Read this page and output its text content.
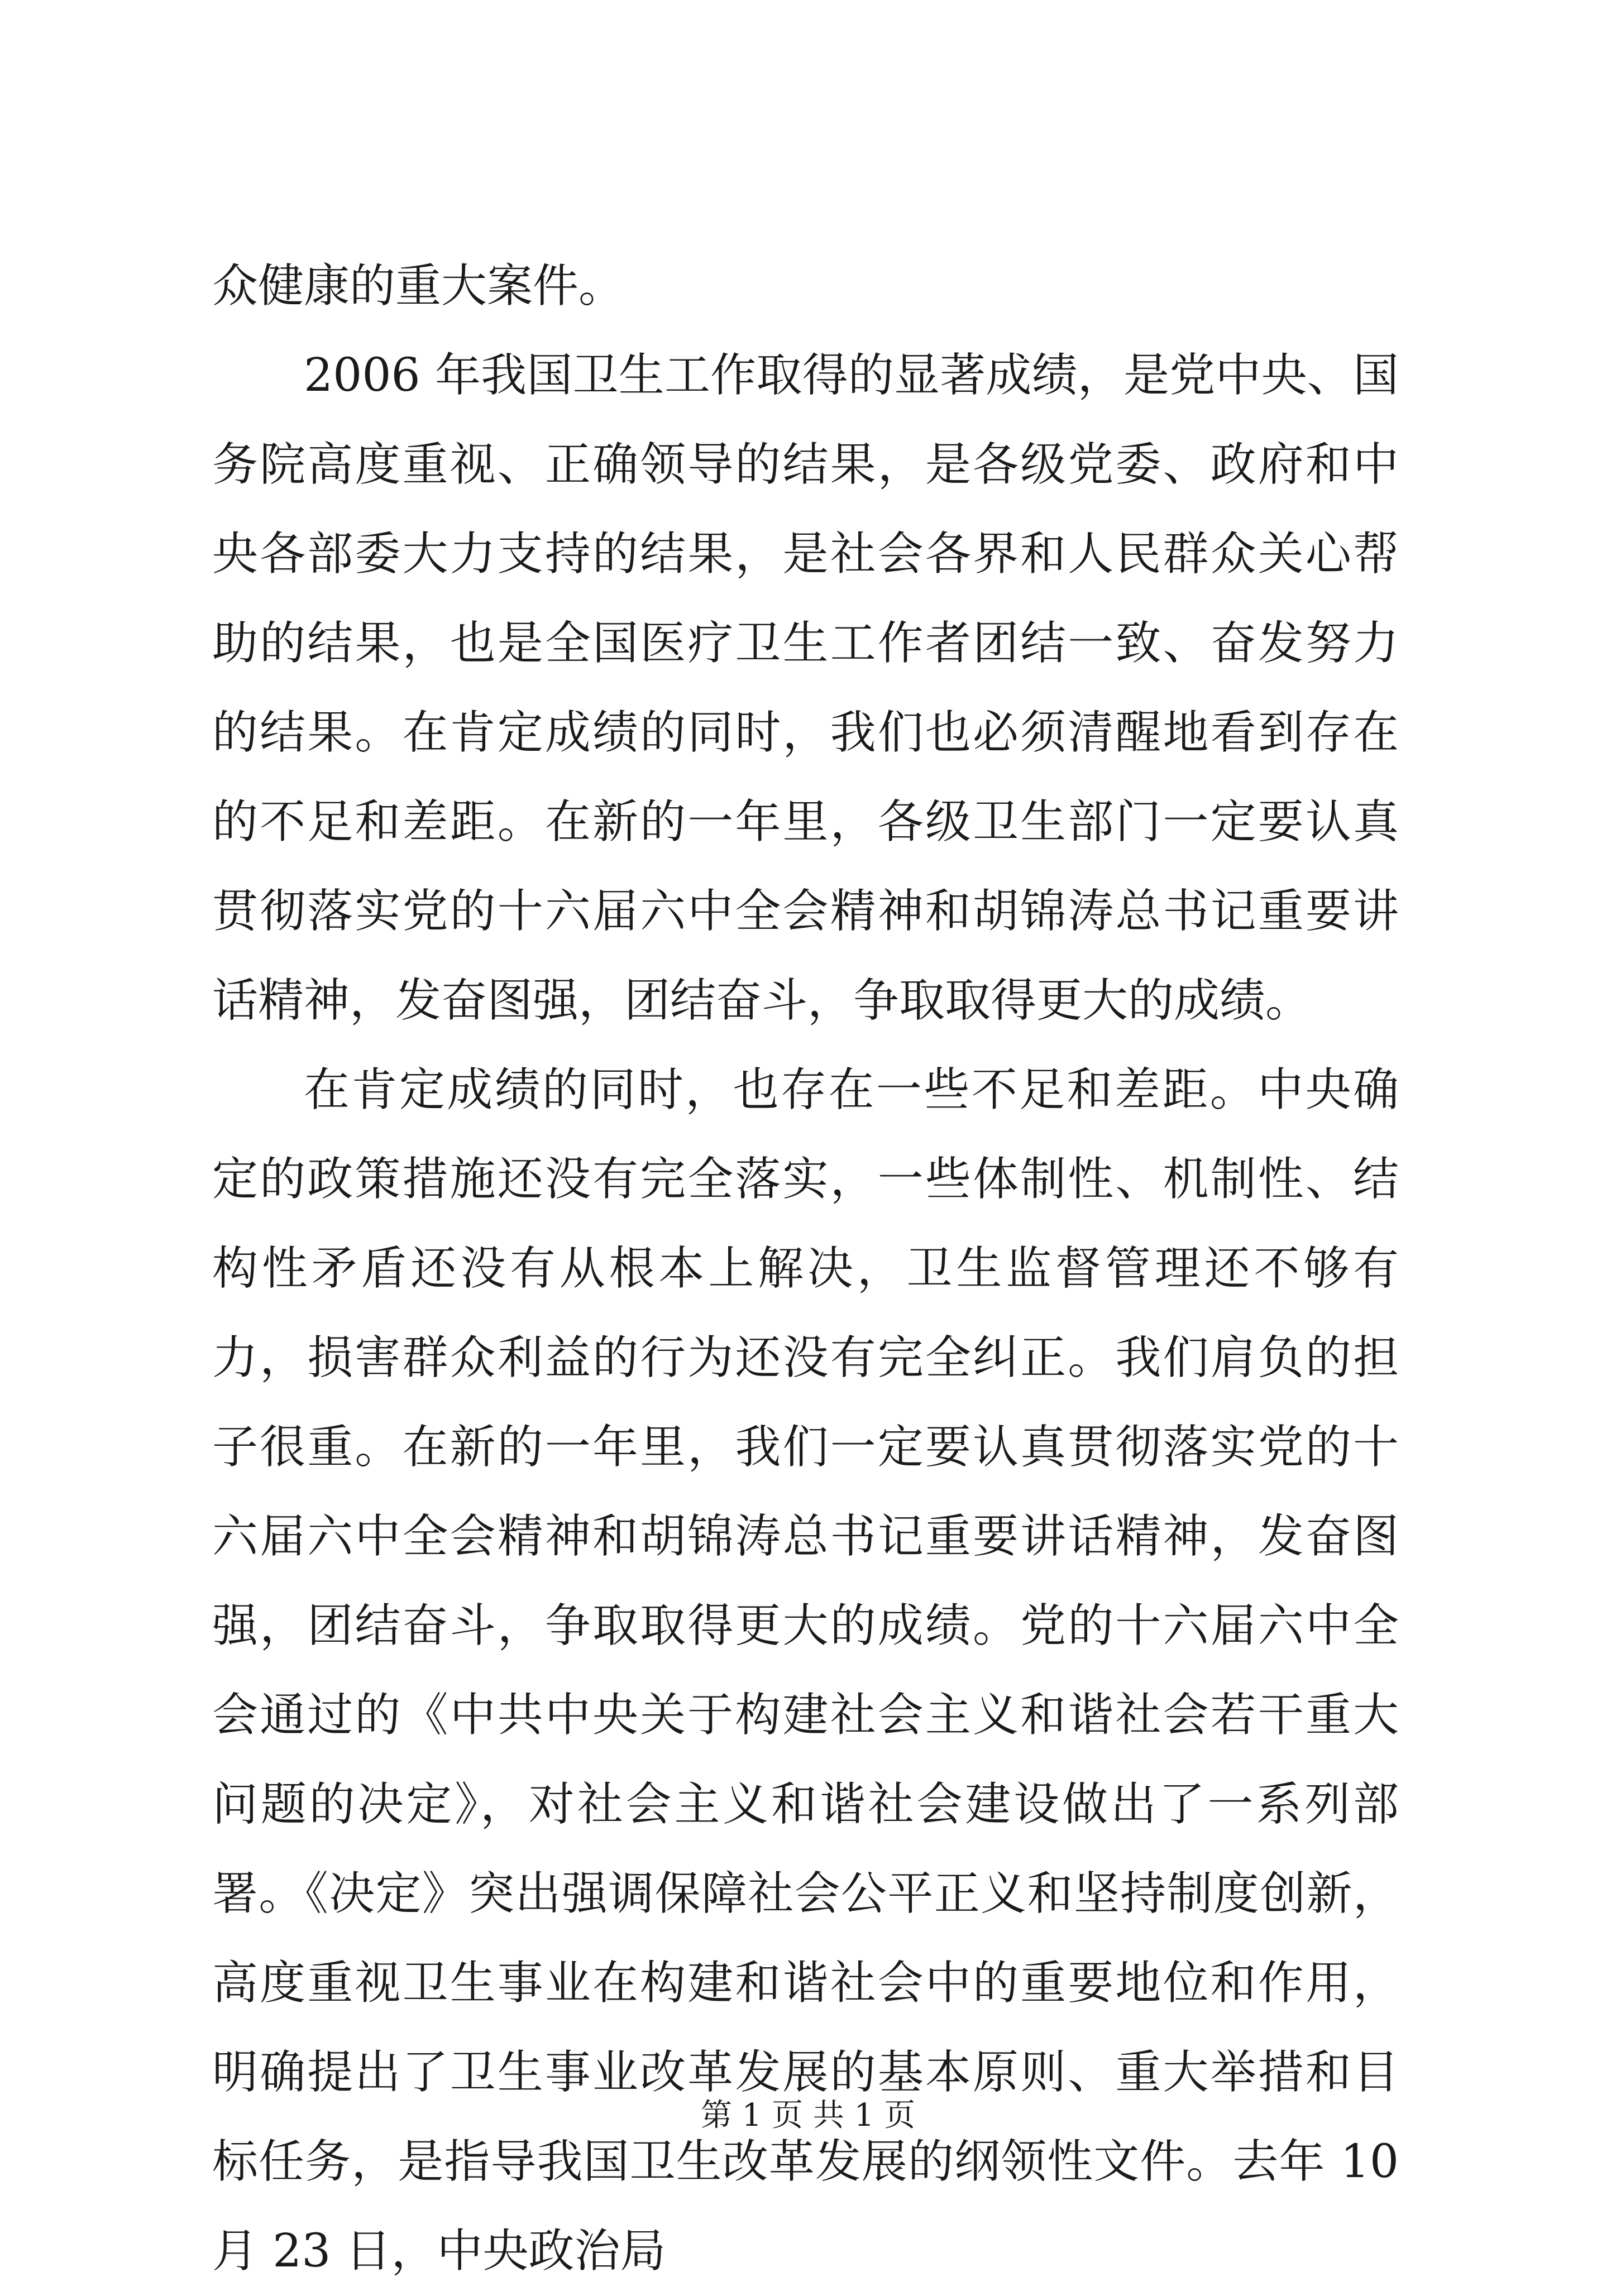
众健康的重大案件。

2006 年我国卫生工作取得的显著成绩，是党中央、国务院高度重视、正确领导的结果，是各级党委、政府和中央各部委大力支持的结果，是社会各界和人民群众关心帮助的结果，也是全国医疗卫生工作者团结一致、奋发努力的结果。在肯定成绩的同时，我们也必须清醒地看到存在的不足和差距。在新的一年里，各级卫生部门一定要认真贯彻落实党的十六届六中全会精神和胡锦涛总书记重要讲话精神，发奋图强，团结奋斗，争取取得更大的成绩。

在肯定成绩的同时，也存在一些不足和差距。中央确定的政策措施还没有完全落实，一些体制性、机制性、结构性矛盾还没有从根本上解决，卫生监督管理还不够有力，损害群众利益的行为还没有完全纠正。我们肩负的担子很重。在新的一年里，我们一定要认真贯彻落实党的十六届六中全会精神和胡锦涛总书记重要讲话精神，发奋图强，团结奋斗，争取取得更大的成绩。党的十六届六中全会通过的《中共中央关于构建社会主义和谐社会若干重大问题的决定》，对社会主义和谐社会建设做出了一系列部署。《决定》突出强调保障社会公平正义和坚持制度创新，高度重视卫生事业在构建和谐社会中的重要地位和作用，明确提出了卫生事业改革发展的基本原则、重大举措和目标任务，是指导我国卫生改革发展的纲领性文件。去年 10 月 23 日，中央政治局

第 1 页 共 1 页
